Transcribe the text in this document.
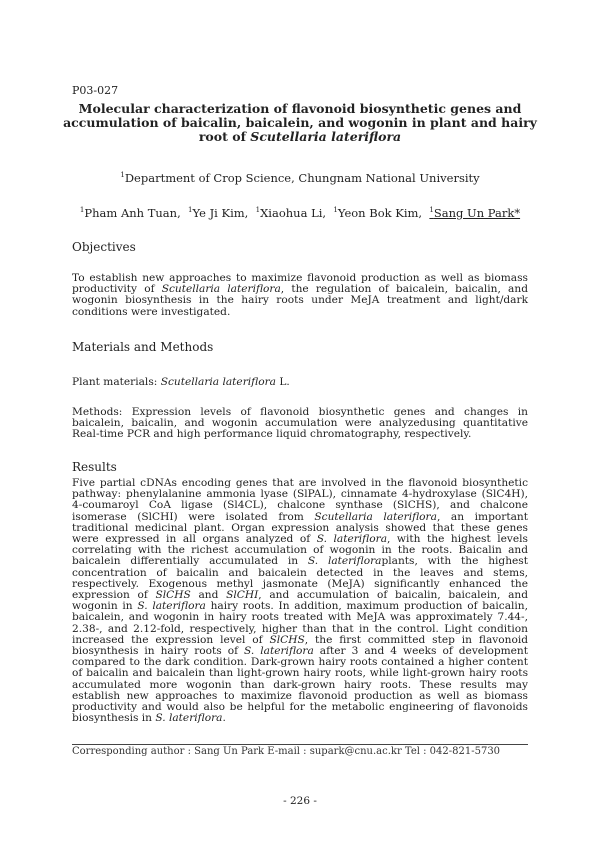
P03-027
Molecular characterization of flavonoid biosynthetic genes and accumulation of baicalin, baicalein, and wogonin in plant and hairy root of Scutellaria lateriflora
$^1$Department of Crop Science, Chungnam National University
$^1$Pham Anh Tuan, $^1$Ye Ji Kim, $^1$Xiaohua Li, $^1$Yeon Bok Kim, $^1$Sang Un Park*
Objectives
To establish new approaches to maximize flavonoid production as well as biomass productivity of Scutellaria lateriflora, the regulation of baicalein, baicalin, and wogonin biosynthesis in the hairy roots under MeJA treatment and light/dark conditions were investigated.
Materials and Methods
Plant materials: Scutellaria lateriflora L.
Methods: Expression levels of flavonoid biosynthetic genes and changes in baicalein, baicalin, and wogonin accumulation were analyzedusing quantitative Real-time PCR and high performance liquid chromatography, respectively.
Results
Five partial cDNAs encoding genes that are involved in the flavonoid biosynthetic pathway: phenylalanine ammonia lyase (SlPAL), cinnamate 4-hydroxylase (SlC4H), 4-coumaroyl CoA ligase (Sl4CL), chalcone synthase (SlCHS), and chalcone isomerase (SlCHI) were isolated from Scutellaria lateriflora, an important traditional medicinal plant. Organ expression analysis showed that these genes were expressed in all organs analyzed of S. lateriflora, with the highest levels correlating with the richest accumulation of wogonin in the roots. Baicalin and baicalein differentially accumulated in S. laterifloraplants, with the highest concentration of baicalin and baicalein detected in the leaves and stems, respectively. Exogenous methyl jasmonate (MeJA) significantly enhanced the expression of SlCHS and SlCHI, and accumulation of baicalin, baicalein, and wogonin in S. lateriflora hairy roots. In addition, maximum production of baicalin, baicalein, and wogonin in hairy roots treated with MeJA was approximately 7.44-, 2.38-, and 2.12-fold, respectively, higher than that in the control. Light condition increased the expression level of SlCHS, the first committed step in flavonoid biosynthesis in hairy roots of S. lateriflora after 3 and 4 weeks of development compared to the dark condition. Dark-grown hairy roots contained a higher content of baicalin and baicalein than light-grown hairy roots, while light-grown hairy roots accumulated more wogonin than dark-grown hairy roots. These results may establish new approaches to maximize flavonoid production as well as biomass productivity and would also be helpful for the metabolic engineering of flavonoids biosynthesis in S. lateriflora.
Corresponding author : Sang Un Park E-mail : supark@cnu.ac.kr Tel : 042-821-5730
- 226 -
